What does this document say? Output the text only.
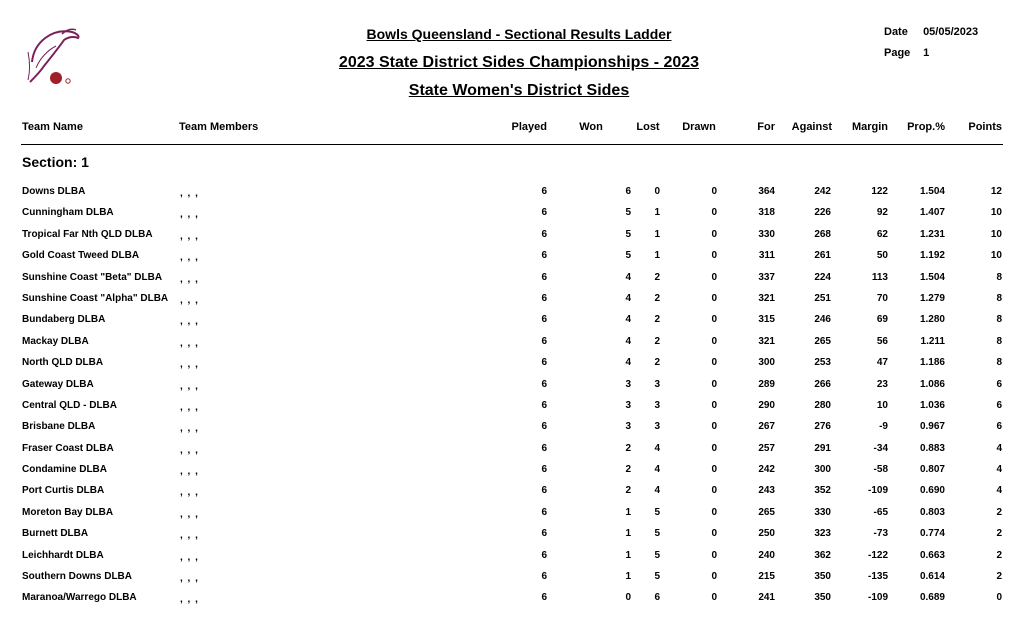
Bowls Queensland - Sectional Results Ladder
2023 State District Sides Championships - 2023
State Women's District Sides
Date 05/05/2023
Page 1
Team Name	Team Members	Played	Won	Lost	Drawn	For	Against	Margin	Prop.%	Points
Section: 1
Downs DLBA	, , ,	6	6	0	0	364	242	122	1.504	12
Cunningham DLBA	, , ,	6	5	1	0	318	226	92	1.407	10
Tropical Far Nth QLD DLBA	, , ,	6	5	1	0	330	268	62	1.231	10
Gold Coast Tweed DLBA	, , ,	6	5	1	0	311	261	50	1.192	10
Sunshine Coast "Beta" DLBA	, , ,	6	4	2	0	337	224	113	1.504	8
Sunshine Coast "Alpha" DLBA	, , ,	6	4	2	0	321	251	70	1.279	8
Bundaberg DLBA	, , ,	6	4	2	0	315	246	69	1.280	8
Mackay DLBA	, , ,	6	4	2	0	321	265	56	1.211	8
North QLD DLBA	, , ,	6	4	2	0	300	253	47	1.186	8
Gateway DLBA	, , ,	6	3	3	0	289	266	23	1.086	6
Central QLD - DLBA	, , ,	6	3	3	0	290	280	10	1.036	6
Brisbane DLBA	, , ,	6	3	3	0	267	276	-9	0.967	6
Fraser Coast DLBA	, , ,	6	2	4	0	257	291	-34	0.883	4
Condamine DLBA	, , ,	6	2	4	0	242	300	-58	0.807	4
Port Curtis DLBA	, , ,	6	2	4	0	243	352	-109	0.690	4
Moreton Bay DLBA	, , ,	6	1	5	0	265	330	-65	0.803	2
Burnett DLBA	, , ,	6	1	5	0	250	323	-73	0.774	2
Leichhardt DLBA	, , ,	6	1	5	0	240	362	-122	0.663	2
Southern Downs DLBA	, , ,	6	1	5	0	215	350	-135	0.614	2
Maranoa/Warrego DLBA	, , ,	6	0	6	0	241	350	-109	0.689	0
